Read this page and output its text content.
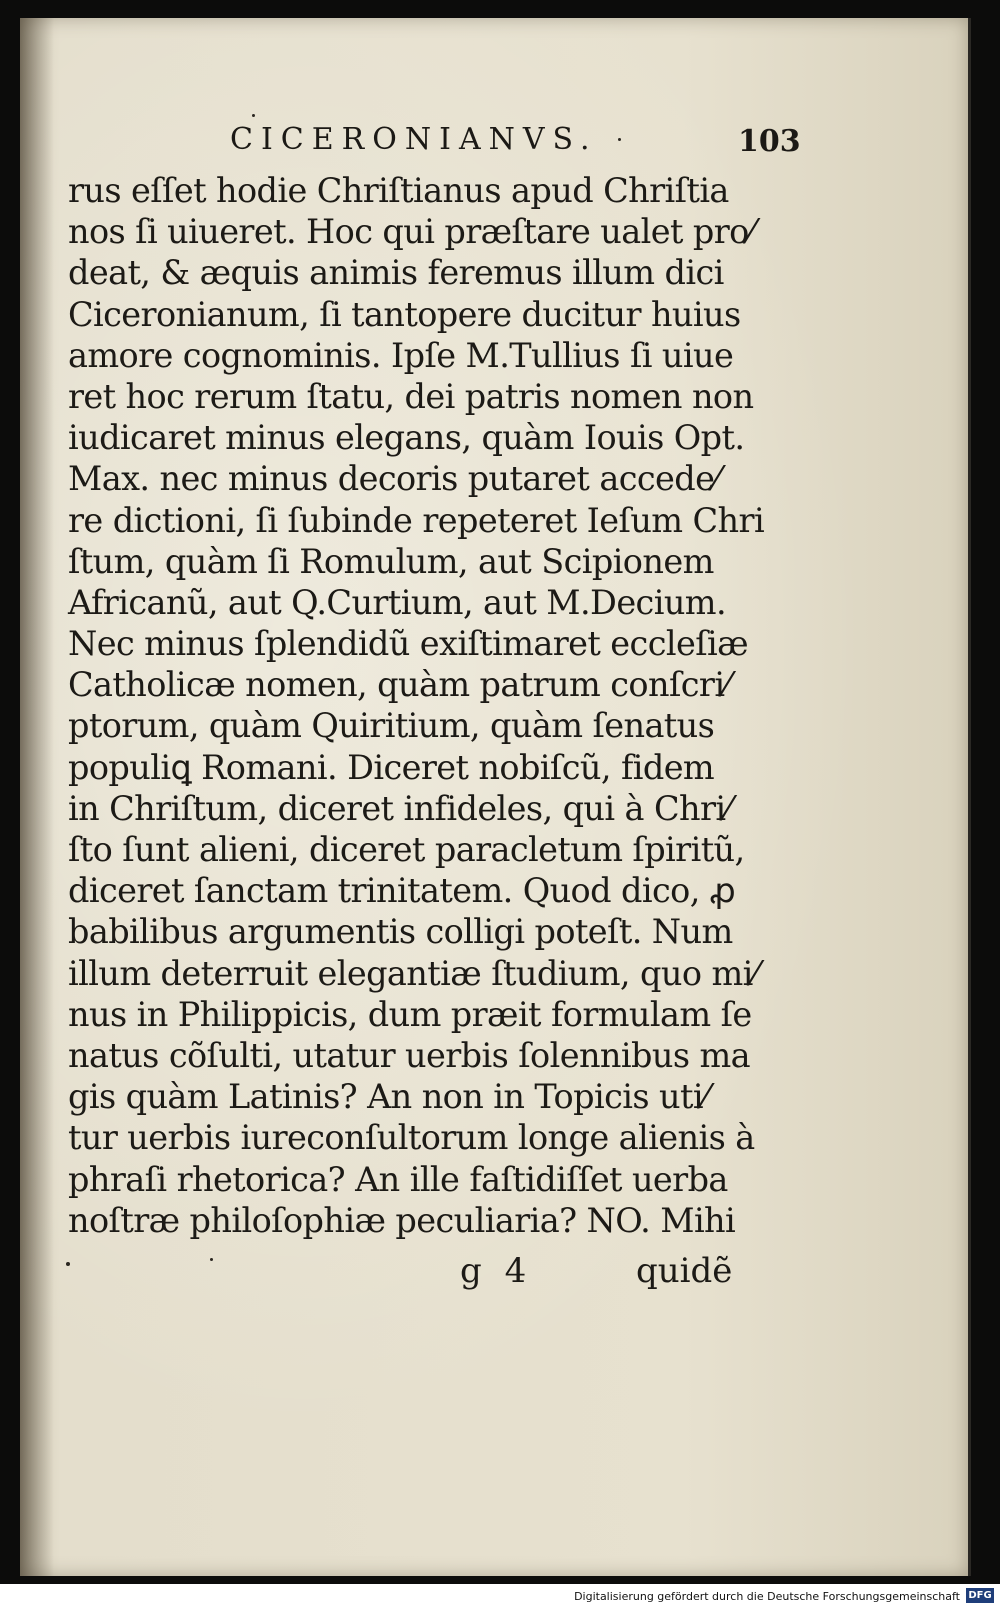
CICERONIANVS.	103
rus eſſet hodie Chriſtianus apud Chriſtia
nos ſi uiueret. Hoc qui præſtare ualet pro⁄
deat, & æquis animis feremus illum dici
Ciceronianum, ſi tantopere ducitur huius
amore cognominis. Ipſe M.Tullius ſi uiue
ret hoc rerum ſtatu, dei patris nomen non
iudicaret minus elegans, quàm Iouis Opt.
Max. nec minus decoris putaret accede⁄
re dictioni, ſi ſubinde repeteret Ieſum Chri
ſtum, quàm ſi Romulum, aut Scipionem
Africanũ, aut Q.Curtium, aut M.Decium.
Nec minus ſplendidũ exiſtimaret eccleſiæ
Catholicæ nomen, quàm patrum conſcri⁄
ptorum, quàm Quiritium, quàm ſenatus
populiꝗ Romani. Diceret nobiſcũ, fidem
in Chriſtum, diceret infideles, qui à Chri⁄
ſto ſunt alieni, diceret paracletum ſpiritũ,
diceret ſanctam trinitatem. Quod dico, ꝓ
babilibus argumentis colligi poteſt. Num
illum deterruit elegantiæ ſtudium, quo mi⁄
nus in Philippicis, dum præit formulam ſe
natus cõſulti, utatur uerbis ſolennibus ma
gis quàm Latinis? An non in Topicis uti⁄
tur uerbis iureconſultorum longe alienis à
phraſi rhetorica? An ille faſtidiſſet uerba
noſtræ philoſophiæ peculiaria? NO. Mihi
g 4	quidẽ
Digitalisierung gefördert durch die Deutsche Forschungsgemeinschaft DFG
